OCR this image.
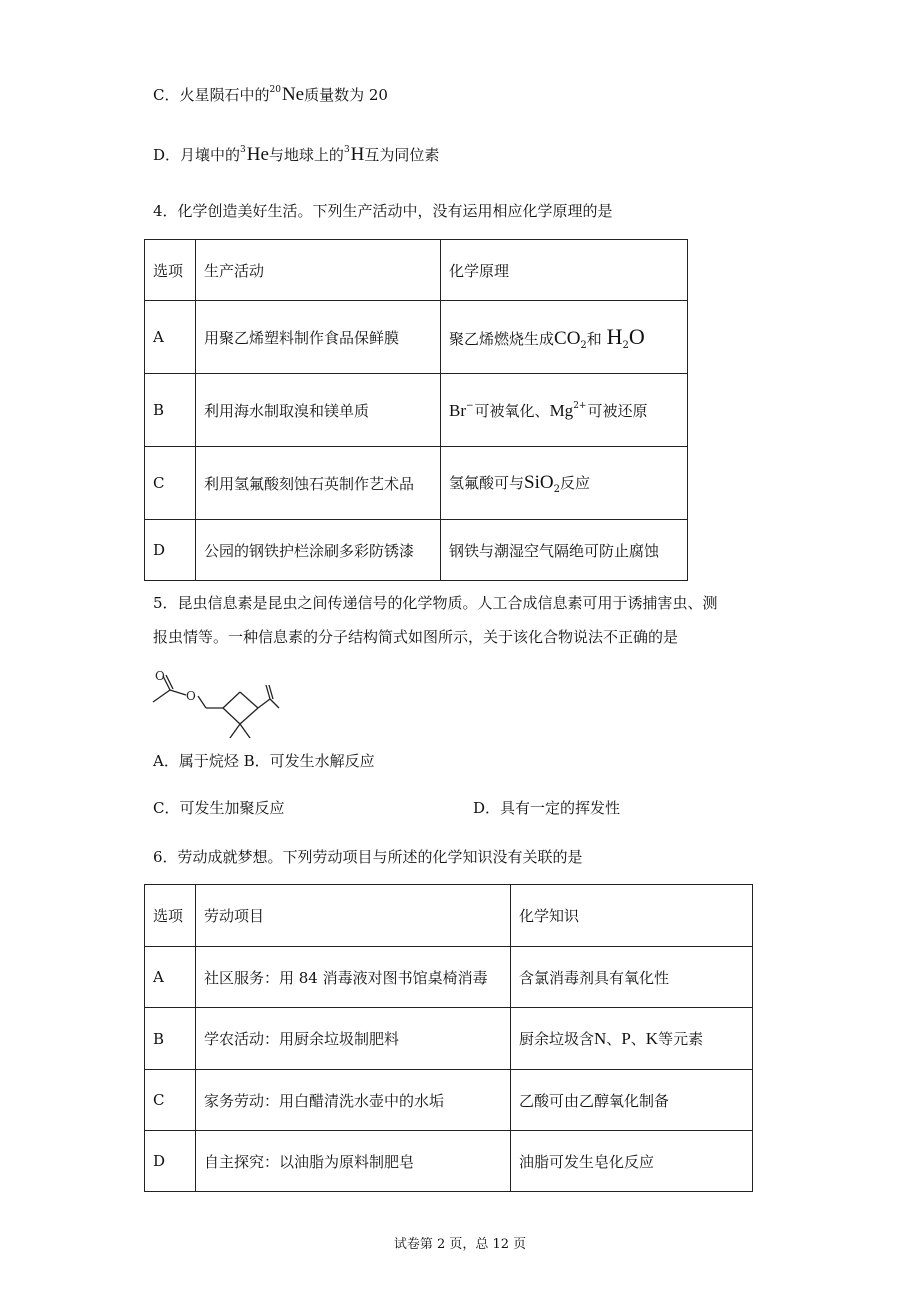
C．火星陨石中的$^{20}$Ne质量数为 20
D．月壤中的$^3$He与地球上的$^3$H互为同位素
4．化学创造美好生活。下列生产活动中，没有运用相应化学原理的是
选项	生产活动	化学原理
A	用聚乙烯塑料制作食品保鲜膜	聚乙烯燃烧生成$CO_2$和 $H_2O$
B	利用海水制取溴和镁单质	Br−可被氧化、$Mg^{2+}$可被还原
C	利用氢氟酸刻蚀石英制作艺术品	氢氟酸可与SiO$_2$反应
D	公园的钢铁护栏涂刷多彩防锈漆	钢铁与潮湿空气隔绝可防止腐蚀
5．昆虫信息素是昆虫之间传递信号的化学物质。人工合成信息素可用于诱捕害虫、测
报虫情等。一种信息素的分子结构简式如图所示，关于该化合物说法不正确的是
O
O
A．属于烷烃 B．可发生水解反应
C．可发生加聚反应	D．具有一定的挥发性
6．劳动成就梦想。下列劳动项目与所述的化学知识没有关联的是
选项	劳动项目	化学知识
A	社区服务：用 84 消毒液对图书馆桌椅消毒	含氯消毒剂具有氧化性
B	学农活动：用厨余垃圾制肥料	厨余垃圾含N、P、K等元素
C	家务劳动：用白醋清洗水壶中的水垢	乙酸可由乙醇氧化制备
D	自主探究：以油脂为原料制肥皂	油脂可发生皂化反应
试卷第 2 页，总 12 页
